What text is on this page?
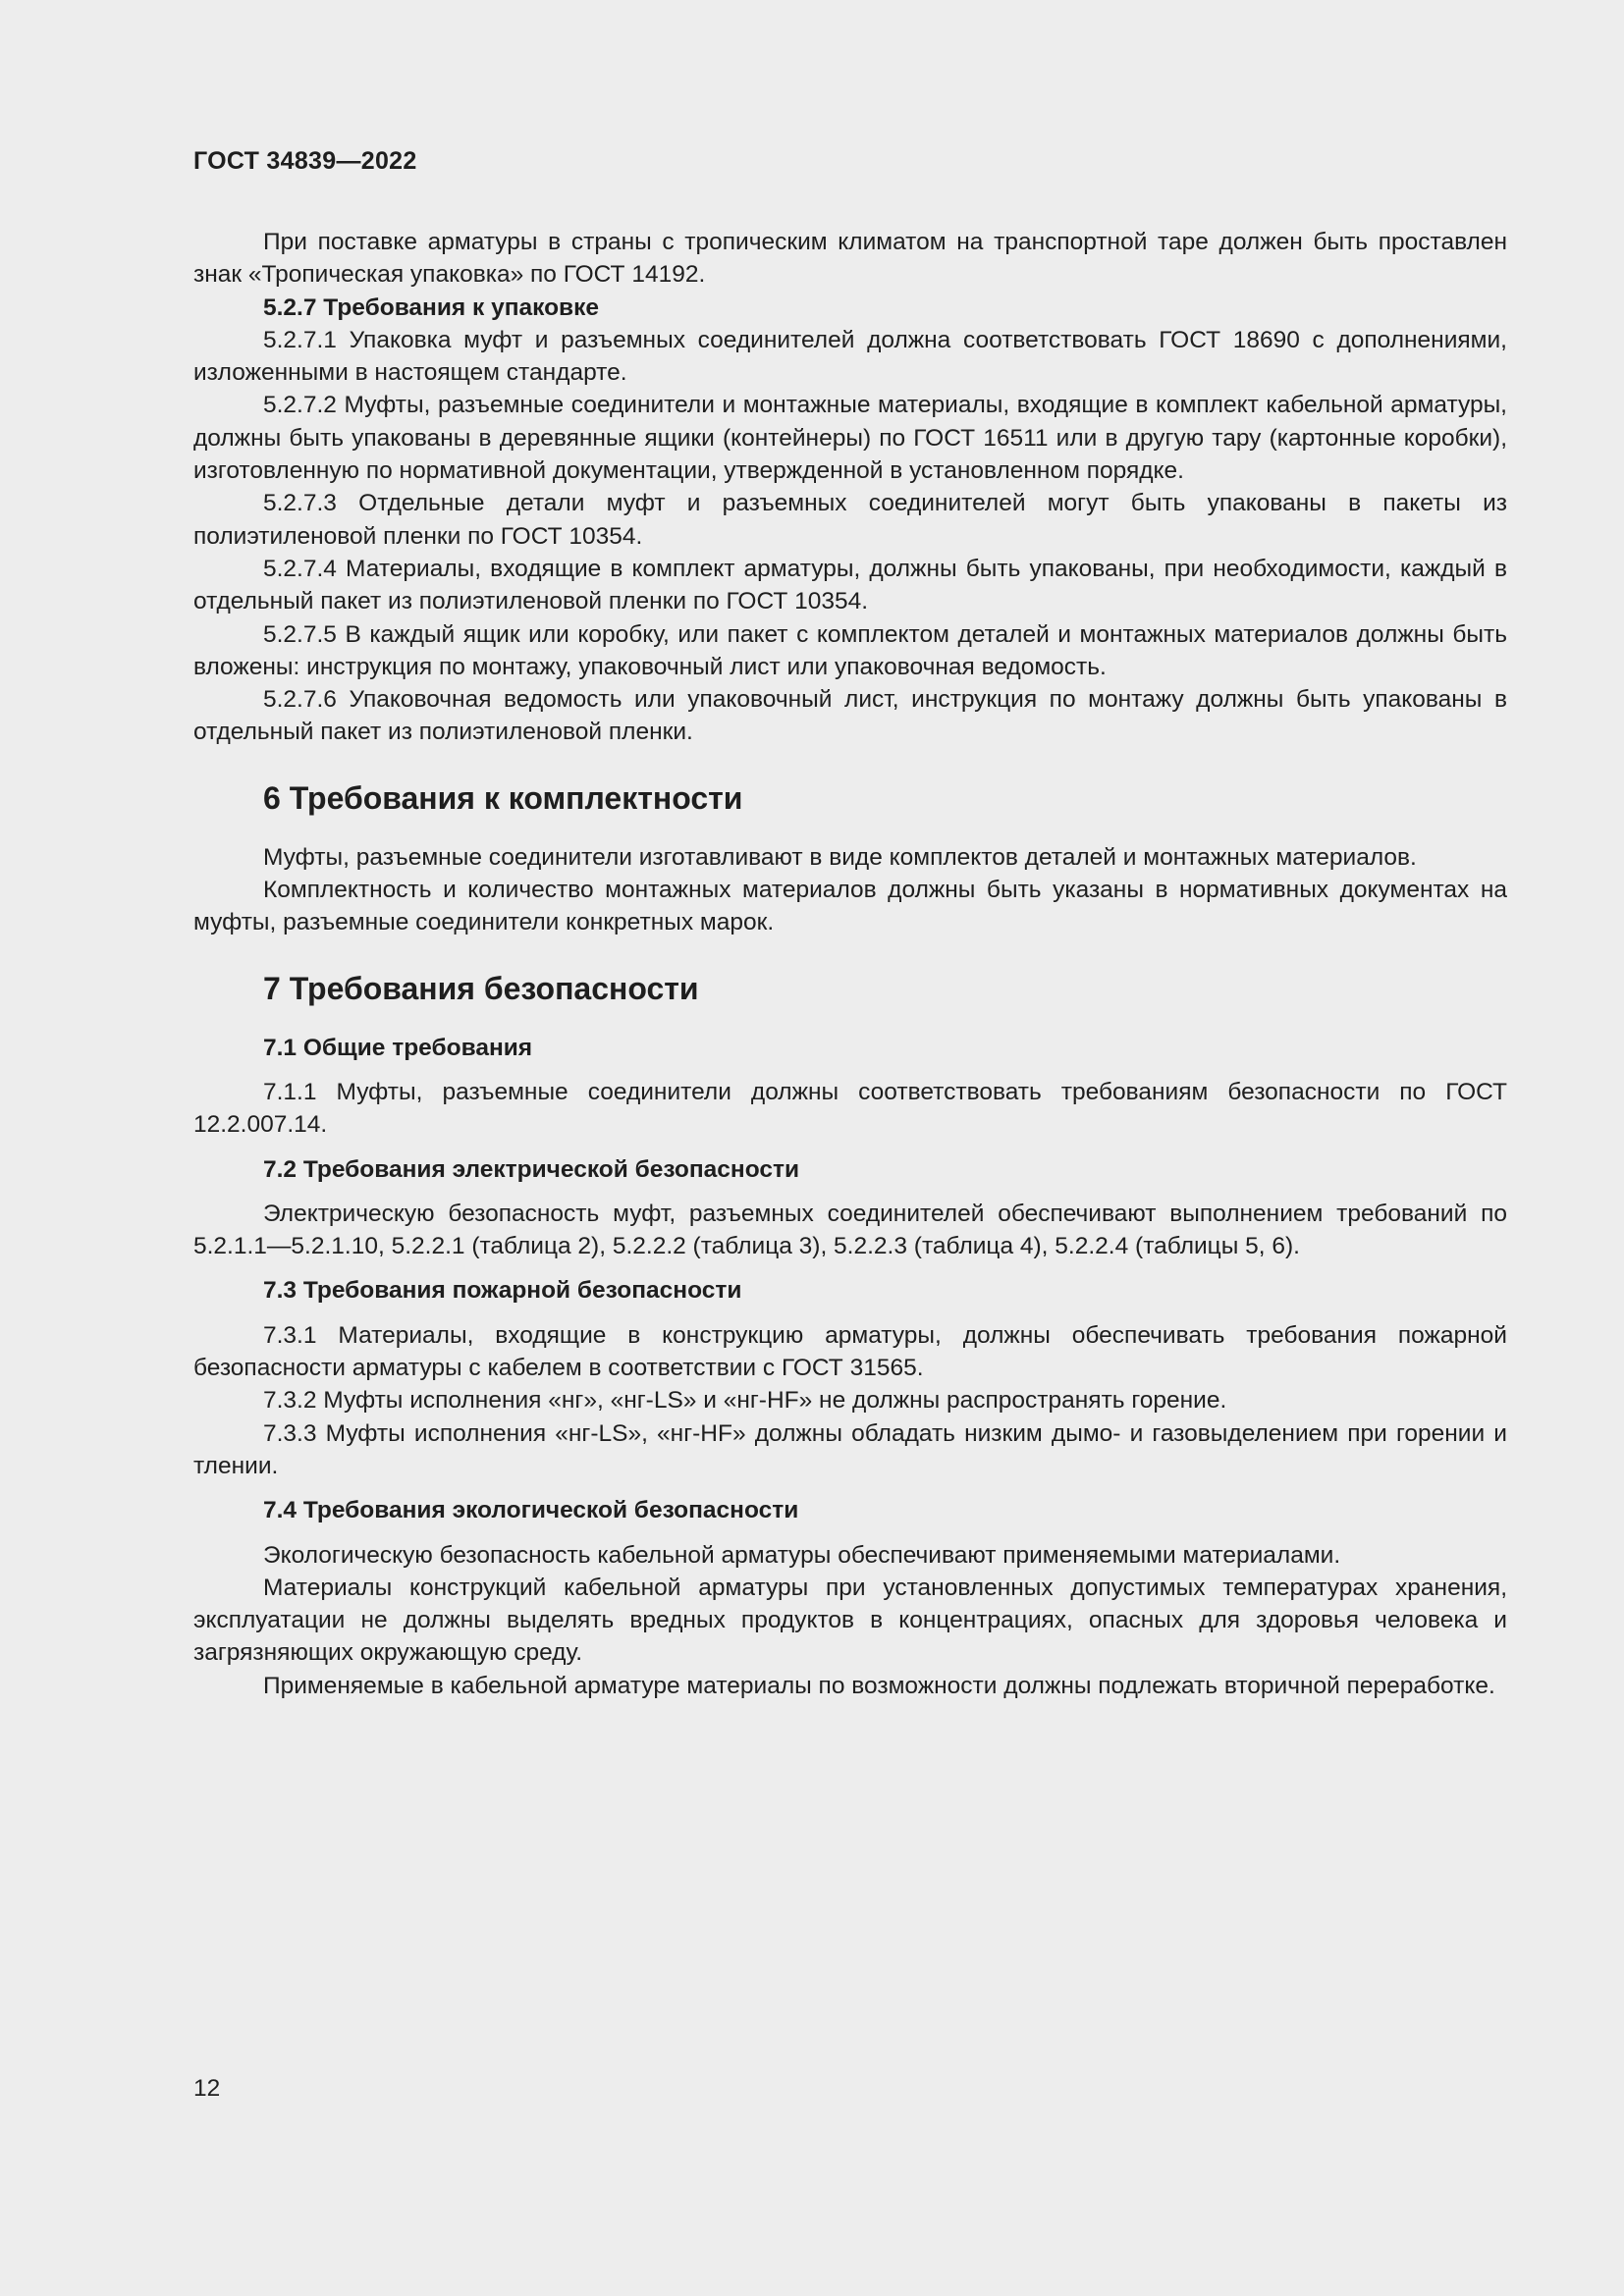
ГОСТ 34839—2022

При поставке арматуры в страны с тропическим климатом на транспортной таре должен быть проставлен знак «Тропическая упаковка» по ГОСТ 14192.

5.2.7 Требования к упаковке

5.2.7.1 Упаковка муфт и разъемных соединителей должна соответствовать ГОСТ 18690 с дополнениями, изложенными в настоящем стандарте.

5.2.7.2 Муфты, разъемные соединители и монтажные материалы, входящие в комплект кабельной арматуры, должны быть упакованы в деревянные ящики (контейнеры) по ГОСТ 16511 или в другую тару (картонные коробки), изготовленную по нормативной документации, утвержденной в установленном порядке.

5.2.7.3 Отдельные детали муфт и разъемных соединителей могут быть упакованы в пакеты из полиэтиленовой пленки по ГОСТ 10354.

5.2.7.4 Материалы, входящие в комплект арматуры, должны быть упакованы, при необходимости, каждый в отдельный пакет из полиэтиленовой пленки по ГОСТ 10354.

5.2.7.5 В каждый ящик или коробку, или пакет с комплектом деталей и монтажных материалов должны быть вложены: инструкция по монтажу, упаковочный лист или упаковочная ведомость.

5.2.7.6 Упаковочная ведомость или упаковочный лист, инструкция по монтажу должны быть упакованы в отдельный пакет из полиэтиленовой пленки.

6 Требования к комплектности

Муфты, разъемные соединители изготавливают в виде комплектов деталей и монтажных материалов.

Комплектность и количество монтажных материалов должны быть указаны в нормативных документах на муфты, разъемные соединители конкретных марок.

7 Требования безопасности

7.1 Общие требования

7.1.1 Муфты, разъемные соединители должны соответствовать требованиям безопасности по ГОСТ 12.2.007.14.

7.2 Требования электрической безопасности

Электрическую безопасность муфт, разъемных соединителей обеспечивают выполнением требований по 5.2.1.1—5.2.1.10, 5.2.2.1 (таблица 2), 5.2.2.2 (таблица 3), 5.2.2.3 (таблица 4), 5.2.2.4 (таблицы 5, 6).

7.3 Требования пожарной безопасности

7.3.1 Материалы, входящие в конструкцию арматуры, должны обеспечивать требования пожарной безопасности арматуры с кабелем в соответствии с ГОСТ 31565.

7.3.2 Муфты исполнения «нг», «нг-LS» и «нг-HF» не должны распространять горение.

7.3.3 Муфты исполнения «нг-LS», «нг-HF» должны обладать низким дымо- и газовыделением при горении и тлении.

7.4 Требования экологической безопасности

Экологическую безопасность кабельной арматуры обеспечивают применяемыми материалами.

Материалы конструкций кабельной арматуры при установленных допустимых температурах хранения, эксплуатации не должны выделять вредных продуктов в концентрациях, опасных для здоровья человека и загрязняющих окружающую среду.

Применяемые в кабельной арматуре материалы по возможности должны подлежать вторичной переработке.

12
